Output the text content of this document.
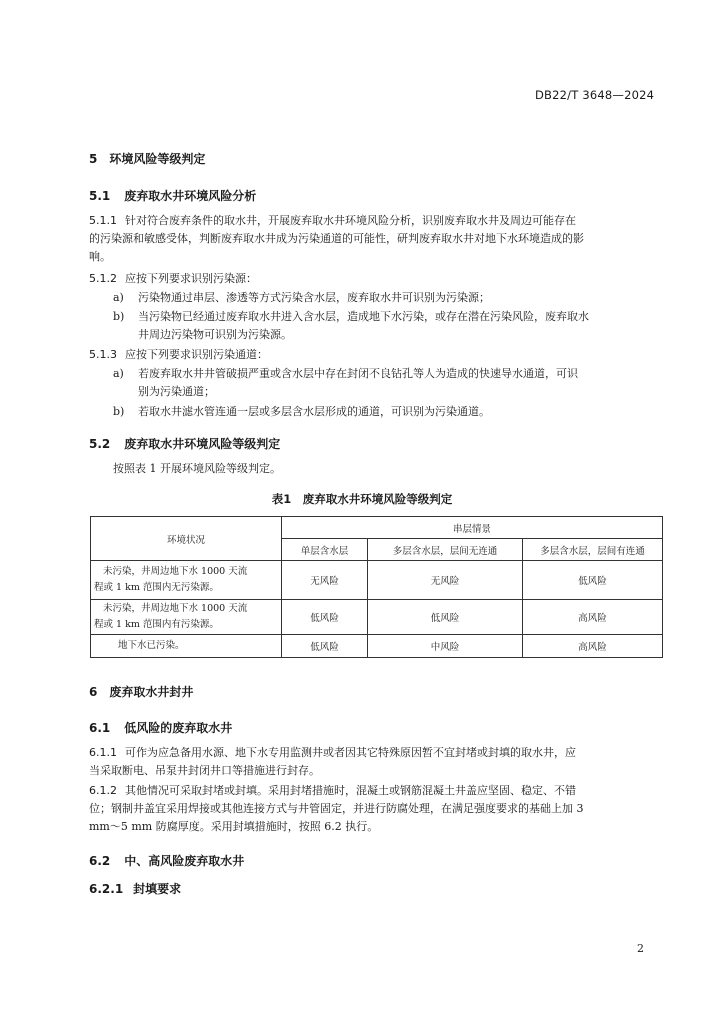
DB22/T 3648—2024
5 环境风险等级判定
5.1 废弃取水井环境风险分析
5.1.1 针对符合废弃条件的取水井，开展废弃取水井环境风险分析，识别废弃取水井及周边可能存在
的污染源和敏感受体，判断废弃取水井成为污染通道的可能性，研判废弃取水井对地下水环境造成的影
响。
5.1.2 应按下列要求识别污染源：
a) 污染物通过串层、渗透等方式污染含水层，废弃取水井可识别为污染源；
b) 当污染物已经通过废弃取水井进入含水层，造成地下水污染，或存在潜在污染风险，废弃取水
井周边污染物可识别为污染源。
5.1.3 应按下列要求识别污染通道：
a) 若废弃取水井井管破损严重或含水层中存在封闭不良钻孔等人为造成的快速导水通道，可识
别为污染通道；
b) 若取水井滤水管连通一层或多层含水层形成的通道，可识别为污染通道。
5.2 废弃取水井环境风险等级判定
按照表 1 开展环境风险等级判定。
表1　废弃取水井环境风险等级判定
环境状况	串层情景		
	单层含水层	多层含水层，层间无连通	多层含水层，层间有连通

未污染，井周边地下水 1000 天流
程或 1 km 范围内无污染源。	无风险	无风险	低风险

未污染，井周边地下水 1000 天流
程或 1 km 范围内有污染源。	低风险	低风险	高风险

地下水已污染。	低风险	中风险	高风险
6 废弃取水井封井
6.1 低风险的废弃取水井
6.1.1 可作为应急备用水源、地下水专用监测井或者因其它特殊原因暂不宜封堵或封填的取水井，应
当采取断电、吊泵井封闭井口等措施进行封存。
6.1.2 其他情况可采取封堵或封填。采用封堵措施时，混凝土或钢筋混凝土井盖应坚固、稳定、不错
位；钢制井盖宜采用焊接或其他连接方式与井管固定，并进行防腐处理，在满足强度要求的基础上加 3
mm～5 mm 防腐厚度。采用封填措施时，按照 6.2 执行。
6.2 中、高风险废弃取水井
6.2.1 封填要求
2
